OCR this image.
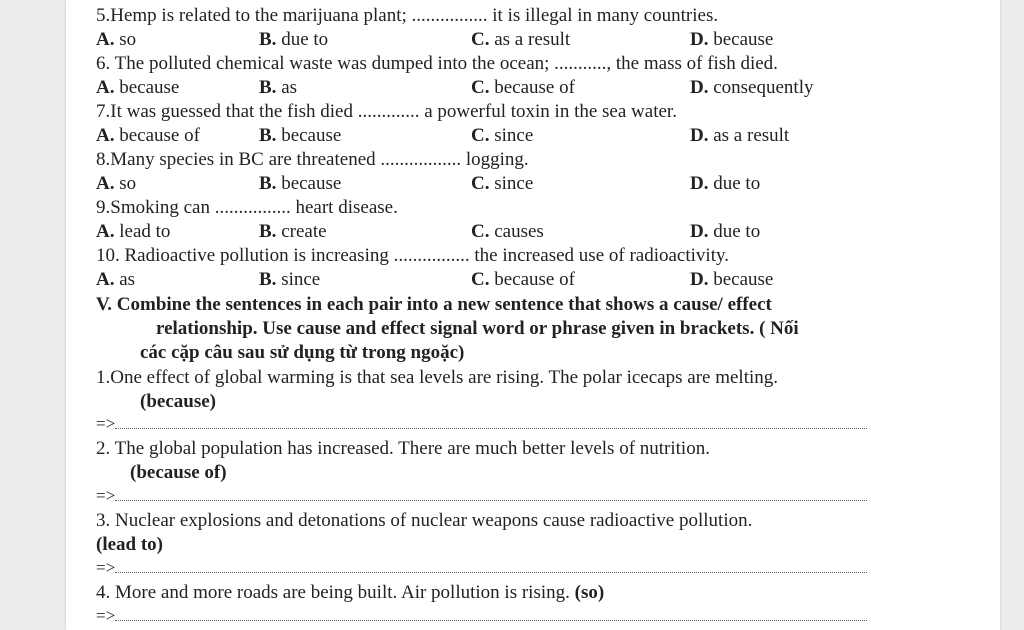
5.Hemp is related to the marijuana plant; ................ it is illegal in many countries.
A. so	B. due to	C. as a result	D. because
6. The polluted chemical waste was dumped into the ocean; ..........., the mass of fish died.
A. because	B. as	C. because of	D. consequently
7.It was guessed that the fish died ............. a powerful toxin in the sea water.
A. because of	B. because	C. since	D. as a result
8.Many species in BC are threatened ................. logging.
A. so	B. because	C. since	D. due to
9.Smoking can ................ heart disease.
A. lead to	B. create	C. causes	D. due to
10. Radioactive pollution is increasing ................ the increased use of radioactivity.
A. as	B. since	C. because of	D. because
V. Combine the sentences in each pair into a new sentence that shows a cause/ effect
relationship. Use cause and effect signal word or phrase given in brackets. ( Nối
các cặp câu sau sử dụng từ trong ngoặc)
1.One effect of global warming is that sea levels are rising. The polar icecaps are melting.
(because)
=>
2. The global population has increased. There are much better levels of nutrition.
(because of)
=>
3. Nuclear explosions and detonations of nuclear weapons cause radioactive pollution.
(lead to)
=>
4. More and more roads are being built. Air pollution is rising. (so)
=>
